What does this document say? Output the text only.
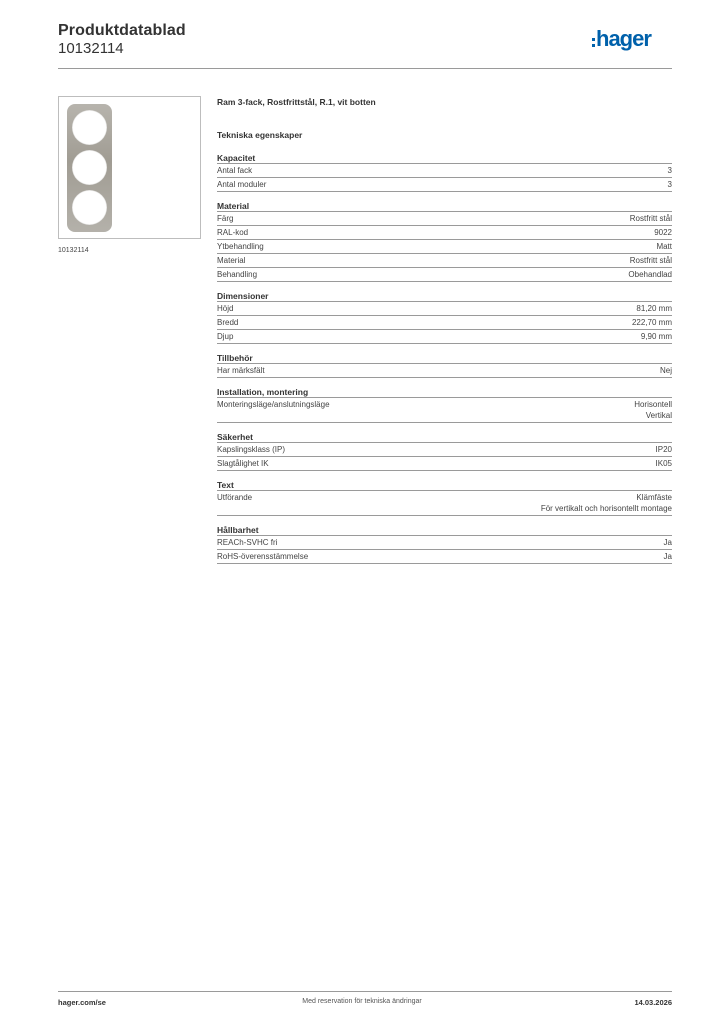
Produktdatablad
10132114	hager
10132114
Ram 3-fack, Rostfrittstål, R.1, vit botten
Tekniska egenskaper
Kapacitet
Antal fack	3
Antal moduler	3
Material
Färg	Rostfritt stål
RAL-kod	9022
Ytbehandling	Matt
Material	Rostfritt stål
Behandling	Obehandlad
Dimensioner
Höjd	81,20 mm
Bredd	222,70 mm
Djup	9,90 mm
Tillbehör
Har märksfält	Nej
Installation, montering
Monteringsläge/anslutningsläge	Horisontell
Vertikal
Säkerhet
Kapslingsklass (IP)	IP20
Slagtålighet IK	IK05
Text
Utförande	Klämfäste
För vertikalt och horisontellt montage
Hållbarhet
REACh-SVHC fri	Ja
RoHS-överensstämmelse	Ja
hager.com/se	Med reservation för tekniska ändringar	14.03.2026
